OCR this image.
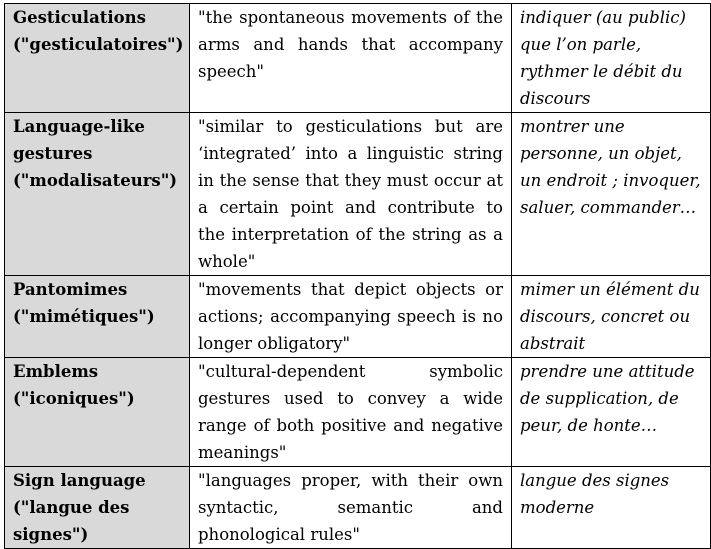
Gesticulations ("gesticulatoires")	"the spontaneous movements of the arms and hands that accompany speech"	indiquer (au public) que l’on parle, rythmer le débit du discours
Language-like gestures ("modalisateurs")	"similar to gesticulations but are ‘integrated’ into a linguistic string in the sense that they must occur at a certain point and contribute to the interpretation of the string as a whole"	montrer une personne, un objet, un endroit ; invoquer, saluer, commander…
Pantomimes ("mimétiques")	"movements that depict objects or actions; accompanying speech is no longer obligatory"	mimer un élément du discours, concret ou abstrait
Emblems ("iconiques")	"cultural-dependent symbolic gestures used to convey a wide range of both positive and negative meanings"	prendre une attitude de supplication, de peur, de honte…
Sign language ("langue des signes")	"languages proper, with their own syntactic, semantic and phonological rules"	langue des signes moderne
